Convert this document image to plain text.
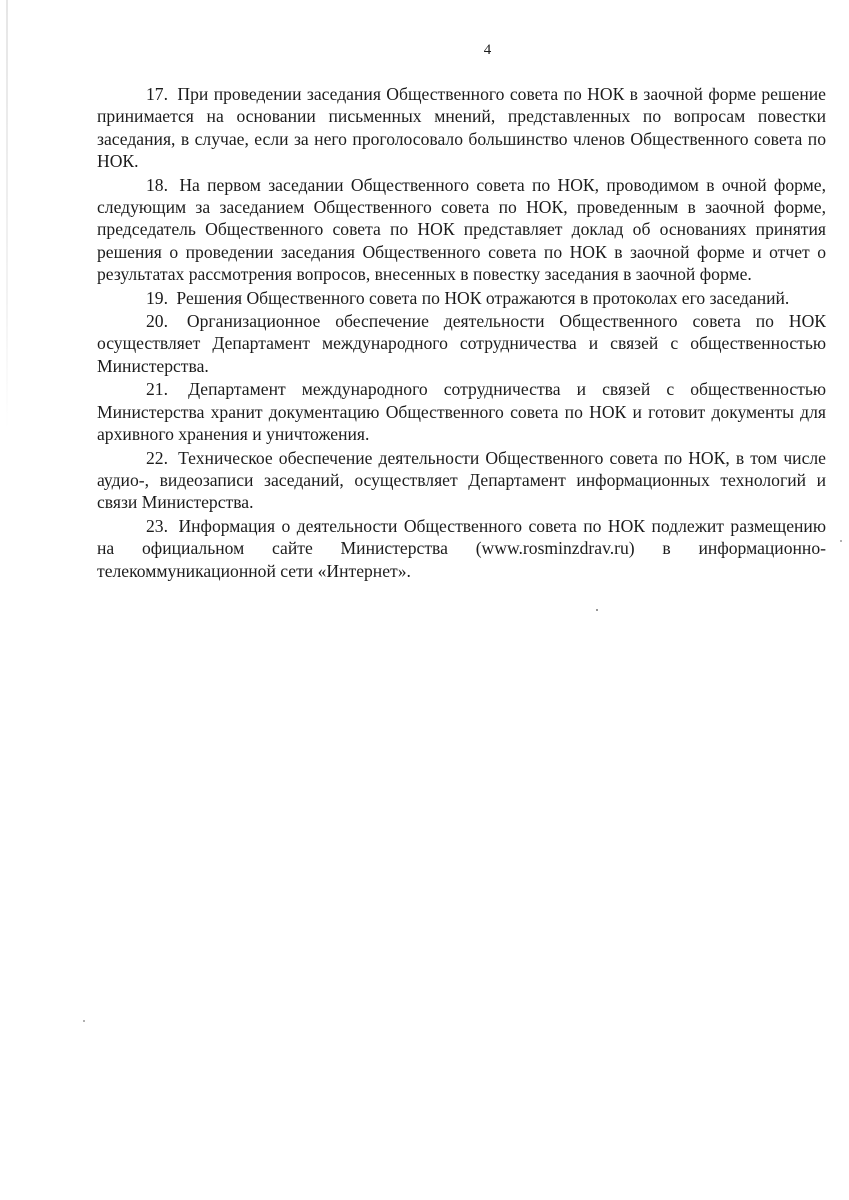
4

17. При проведении заседания Общественного совета по НОК в заочной форме решение принимается на основании письменных мнений, представленных по вопросам повестки заседания, в случае, если за него проголосовало большинство членов Общественного совета по НОК.

18. На первом заседании Общественного совета по НОК, проводимом в очной форме, следующим за заседанием Общественного совета по НОК, проведенным в заочной форме, председатель Общественного совета по НОК представляет доклад об основаниях принятия решения о проведении заседания Общественного совета по НОК в заочной форме и отчет о результатах рассмотрения вопросов, внесенных в повестку заседания в заочной форме.

19. Решения Общественного совета по НОК отражаются в протоколах его заседаний.

20. Организационное обеспечение деятельности Общественного совета по НОК осуществляет Департамент международного сотрудничества и связей с общественностью Министерства.

21. Департамент международного сотрудничества и связей с общественностью Министерства хранит документацию Общественного совета по НОК и готовит документы для архивного хранения и уничтожения.

22. Техническое обеспечение деятельности Общественного совета по НОК, в том числе аудио-, видеозаписи заседаний, осуществляет Департамент информационных технологий и связи Министерства.

23. Информация о деятельности Общественного совета по НОК подлежит размещению на официальном сайте Министерства (www.rosminzdrav.ru) в информационно-телекоммуникационной сети «Интернет».
